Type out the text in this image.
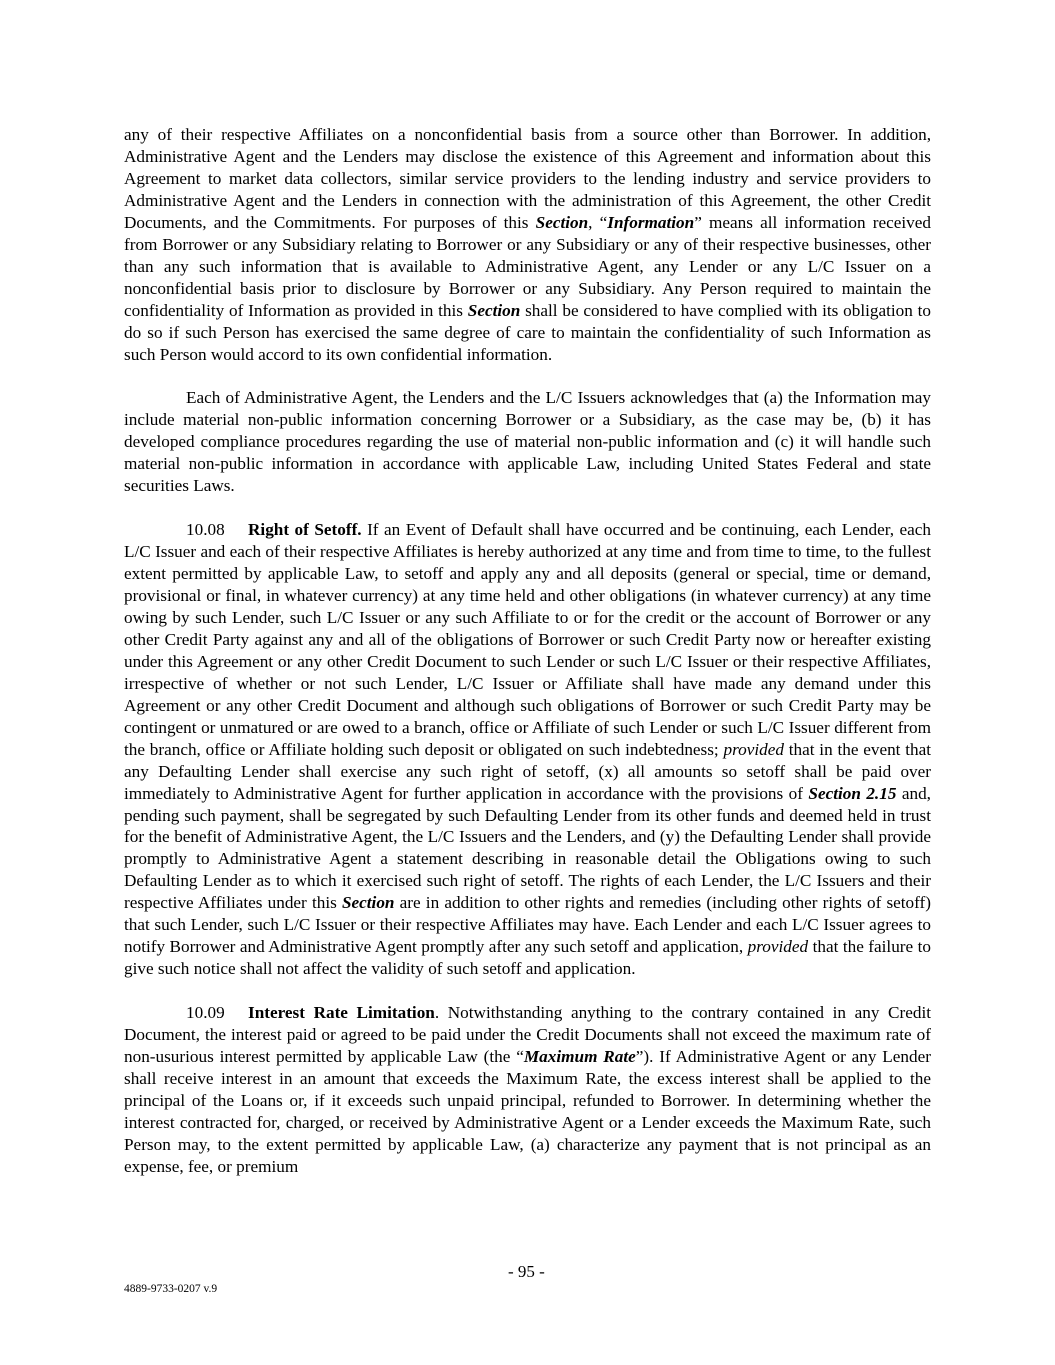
any of their respective Affiliates on a nonconfidential basis from a source other than Borrower. In addition, Administrative Agent and the Lenders may disclose the existence of this Agreement and information about this Agreement to market data collectors, similar service providers to the lending industry and service providers to Administrative Agent and the Lenders in connection with the administration of this Agreement, the other Credit Documents, and the Commitments. For purposes of this Section, “Information” means all information received from Borrower or any Subsidiary relating to Borrower or any Subsidiary or any of their respective businesses, other than any such information that is available to Administrative Agent, any Lender or any L/C Issuer on a nonconfidential basis prior to disclosure by Borrower or any Subsidiary. Any Person required to maintain the confidentiality of Information as provided in this Section shall be considered to have complied with its obligation to do so if such Person has exercised the same degree of care to maintain the confidentiality of such Information as such Person would accord to its own confidential information.

Each of Administrative Agent, the Lenders and the L/C Issuers acknowledges that (a) the Information may include material non-public information concerning Borrower or a Subsidiary, as the case may be, (b) it has developed compliance procedures regarding the use of material non-public information and (c) it will handle such material non-public information in accordance with applicable Law, including United States Federal and state securities Laws.

10.08 Right of Setoff. If an Event of Default shall have occurred and be continuing, each Lender, each L/C Issuer and each of their respective Affiliates is hereby authorized at any time and from time to time, to the fullest extent permitted by applicable Law, to setoff and apply any and all deposits (general or special, time or demand, provisional or final, in whatever currency) at any time held and other obligations (in whatever currency) at any time owing by such Lender, such L/C Issuer or any such Affiliate to or for the credit or the account of Borrower or any other Credit Party against any and all of the obligations of Borrower or such Credit Party now or hereafter existing under this Agreement or any other Credit Document to such Lender or such L/C Issuer or their respective Affiliates, irrespective of whether or not such Lender, L/C Issuer or Affiliate shall have made any demand under this Agreement or any other Credit Document and although such obligations of Borrower or such Credit Party may be contingent or unmatured or are owed to a branch, office or Affiliate of such Lender or such L/C Issuer different from the branch, office or Affiliate holding such deposit or obligated on such indebtedness; provided that in the event that any Defaulting Lender shall exercise any such right of setoff, (x) all amounts so setoff shall be paid over immediately to Administrative Agent for further application in accordance with the provisions of Section 2.15 and, pending such payment, shall be segregated by such Defaulting Lender from its other funds and deemed held in trust for the benefit of Administrative Agent, the L/C Issuers and the Lenders, and (y) the Defaulting Lender shall provide promptly to Administrative Agent a statement describing in reasonable detail the Obligations owing to such Defaulting Lender as to which it exercised such right of setoff. The rights of each Lender, the L/C Issuers and their respective Affiliates under this Section are in addition to other rights and remedies (including other rights of setoff) that such Lender, such L/C Issuer or their respective Affiliates may have. Each Lender and each L/C Issuer agrees to notify Borrower and Administrative Agent promptly after any such setoff and application, provided that the failure to give such notice shall not affect the validity of such setoff and application.

10.09 Interest Rate Limitation. Notwithstanding anything to the contrary contained in any Credit Document, the interest paid or agreed to be paid under the Credit Documents shall not exceed the maximum rate of non-usurious interest permitted by applicable Law (the “Maximum Rate”). If Administrative Agent or any Lender shall receive interest in an amount that exceeds the Maximum Rate, the excess interest shall be applied to the principal of the Loans or, if it exceeds such unpaid principal, refunded to Borrower. In determining whether the interest contracted for, charged, or received by Administrative Agent or a Lender exceeds the Maximum Rate, such Person may, to the extent permitted by applicable Law, (a) characterize any payment that is not principal as an expense, fee, or premium

- 95 -
4889-9733-0207 v.9
